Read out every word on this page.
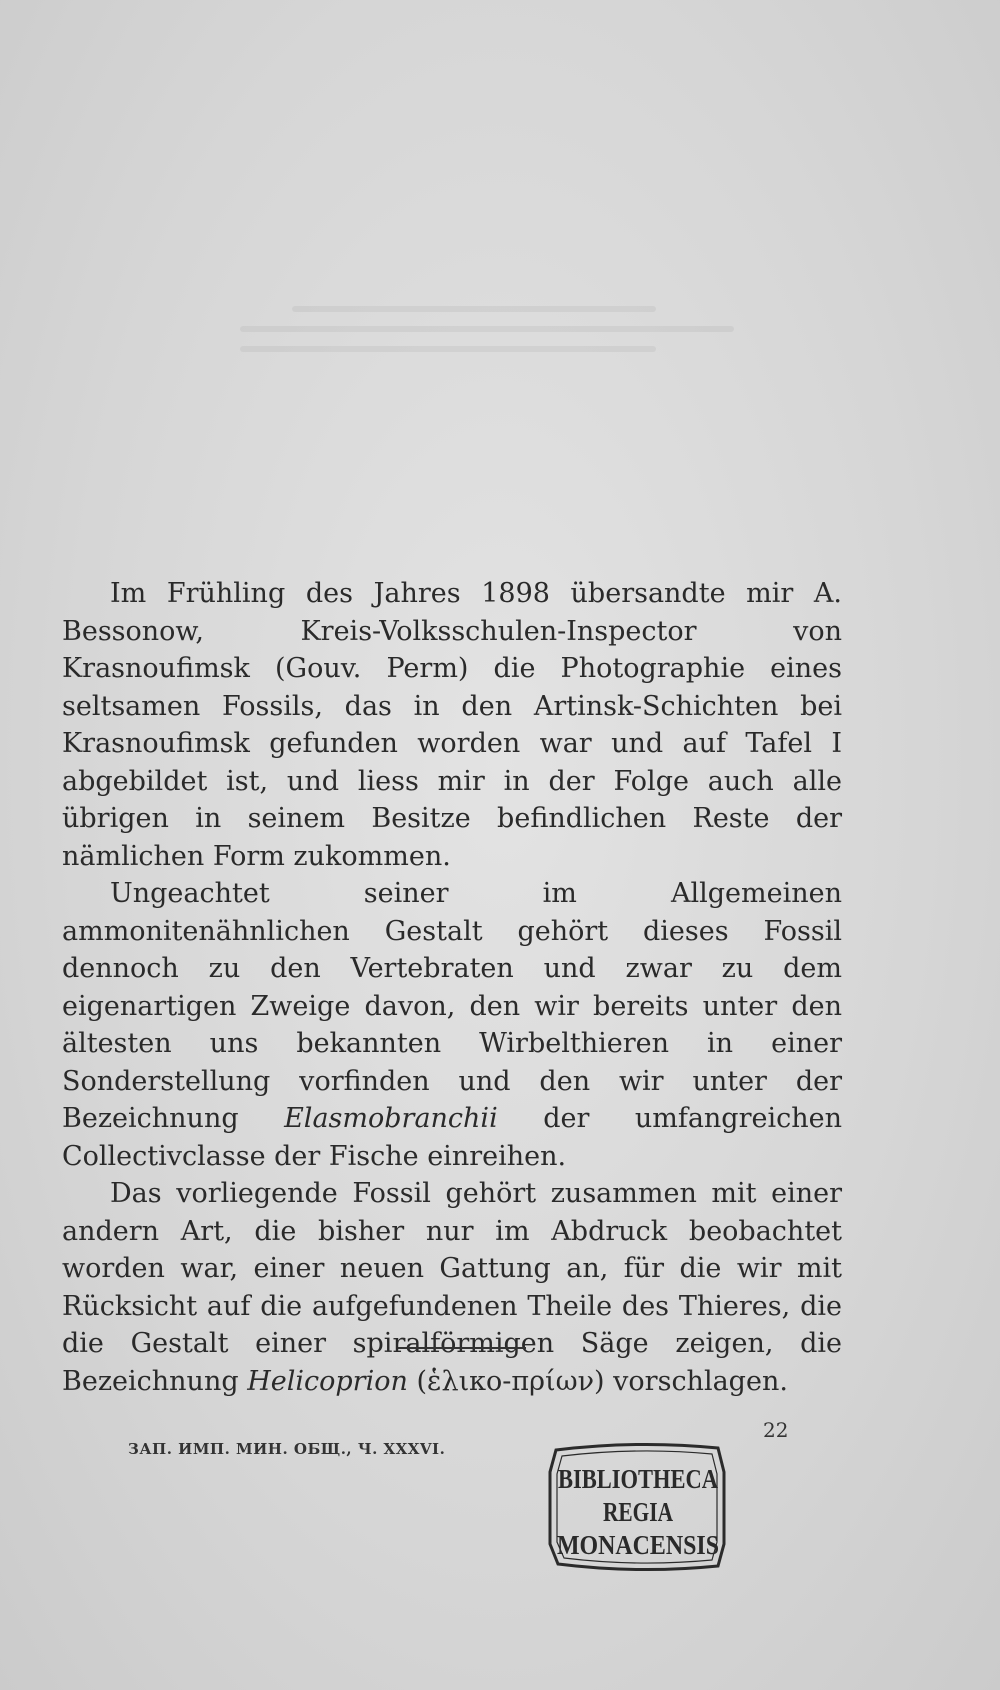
Im Frühling des Jahres 1898 übersandte mir A. Bessonow, Kreis-Volksschulen-Inspector von Krasnoufimsk (Gouv. Perm) die Photographie eines seltsamen Fossils, das in den Artinsk-Schichten bei Krasnoufimsk gefunden worden war und auf Tafel I abgebildet ist, und liess mir in der Folge auch alle übrigen in seinem Besitze befindlichen Reste der nämlichen Form zukommen.

Ungeachtet seiner im Allgemeinen ammonitenähnlichen Gestalt gehört dieses Fossil dennoch zu den Vertebraten und zwar zu dem eigenartigen Zweige davon, den wir bereits unter den ältesten uns bekannten Wirbelthieren in einer Sonderstellung vorfinden und den wir unter der Bezeichnung Elasmobranchii der umfangreichen Collectivclasse der Fische einreihen.

Das vorliegende Fossil gehört zusammen mit einer andern Art, die bisher nur im Abdruck beobachtet worden war, einer neuen Gattung an, für die wir mit Rücksicht auf die aufgefundenen Theile des Thieres, die die Gestalt einer spiralförmigen Säge zeigen, die Bezeichnung Helicoprion (ἑλικο-πρίων) vorschlagen.

ЗАП. ИМП. МИН. ОБЩ., Ч. XXXVI.
22
BIBLIOTHECA
REGIA
MONACENSIS
